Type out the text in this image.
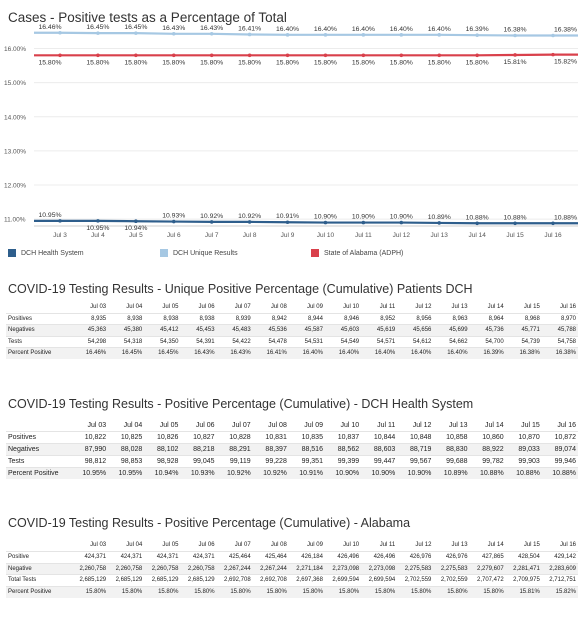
Cases - Positive tests as a Percentage of Total
16.00%
15.00%
14.00%
13.00%
12.00%
11.00%
Jul 3	Jul 4	Jul 5	Jul 6	Jul 7	Jul 8	Jul 9	Jul 10	Jul 11	Jul 12	Jul 13	Jul 14	Jul 15	Jul 16
10.95%
10.95% 10.94%
10.93% 10.92% 10.92% 10.91% 10.90% 10.90% 10.90% 10.89% 10.88% 10.88%	10.88%
16.46%	16.45% 16.45% 16.43% 16.43% 16.41% 16.40% 16.40% 16.40% 16.40% 16.40% 16.39% 16.38%	16.38%
15.80%	15.80% 15.80% 15.80% 15.80% 15.80% 15.80% 15.80% 15.80% 15.80% 15.80% 15.80% 15.81%	15.82%
DCH Health System	DCH Unique Results	State of Alabama (ADPH)
COVID-19 Testing Results - Unique Positive Percentage (Cumulative) Patients DCH
	Jul 03	Jul 04	Jul 05	Jul 06	Jul 07	Jul 08	Jul 09	Jul 10	Jul 11	Jul 12	Jul 13	Jul 14	Jul 15	Jul 16
Positives	8,935	8,938	8,938	8,938	8,939	8,942	8,944	8,946	8,952	8,956	8,963	8,964	8,968	8,970
Negatives	45,363	45,380	45,412	45,453	45,483	45,536	45,587	45,603	45,619	45,656	45,699	45,736	45,771	45,788
Tests	54,298	54,318	54,350	54,391	54,422	54,478	54,531	54,549	54,571	54,612	54,662	54,700	54,739	54,758
Percent Positive	16.46%	16.45%	16.45%	16.43%	16.43%	16.41%	16.40%	16.40%	16.40%	16.40%	16.40%	16.39%	16.38%	16.38%
COVID-19 Testing Results - Positive Percentage (Cumulative) - DCH Health System
	Jul 03	Jul 04	Jul 05	Jul 06	Jul 07	Jul 08	Jul 09	Jul 10	Jul 11	Jul 12	Jul 13	Jul 14	Jul 15	Jul 16
Positives	10,822	10,825	10,826	10,827	10,828	10,831	10,835	10,837	10,844	10,848	10,858	10,860	10,870	10,872
Negatives	87,990	88,028	88,102	88,218	88,291	88,397	88,516	88,562	88,603	88,719	88,830	88,922	89,033	89,074
Tests	98,812	98,853	98,928	99,045	99,119	99,228	99,351	99,399	99,447	99,567	99,688	99,782	99,903	99,946
Percent Positive	10.95%	10.95%	10.94%	10.93%	10.92%	10.92%	10.91%	10.90%	10.90%	10.90%	10.89%	10.88%	10.88%	10.88%
COVID-19 Testing Results - Positive Percentage (Cumulative) - Alabama
	Jul 03	Jul 04	Jul 05	Jul 06	Jul 07	Jul 08	Jul 09	Jul 10	Jul 11	Jul 12	Jul 13	Jul 14	Jul 15	Jul 16
Positive	424,371	424,371	424,371	424,371	425,464	425,464	426,184	426,496	426,496	426,976	426,976	427,865	428,504	429,142
Negative	2,260,758	2,260,758	2,260,758	2,260,758	2,267,244	2,267,244	2,271,184	2,273,098	2,273,098	2,275,583	2,275,583	2,279,607	2,281,471	2,283,609
Total Tests	2,685,129	2,685,129	2,685,129	2,685,129	2,692,708	2,692,708	2,697,368	2,699,594	2,699,594	2,702,559	2,702,559	2,707,472	2,709,975	2,712,751
Percent Positive	15.80%	15.80%	15.80%	15.80%	15.80%	15.80%	15.80%	15.80%	15.80%	15.80%	15.80%	15.80%	15.81%	15.82%
